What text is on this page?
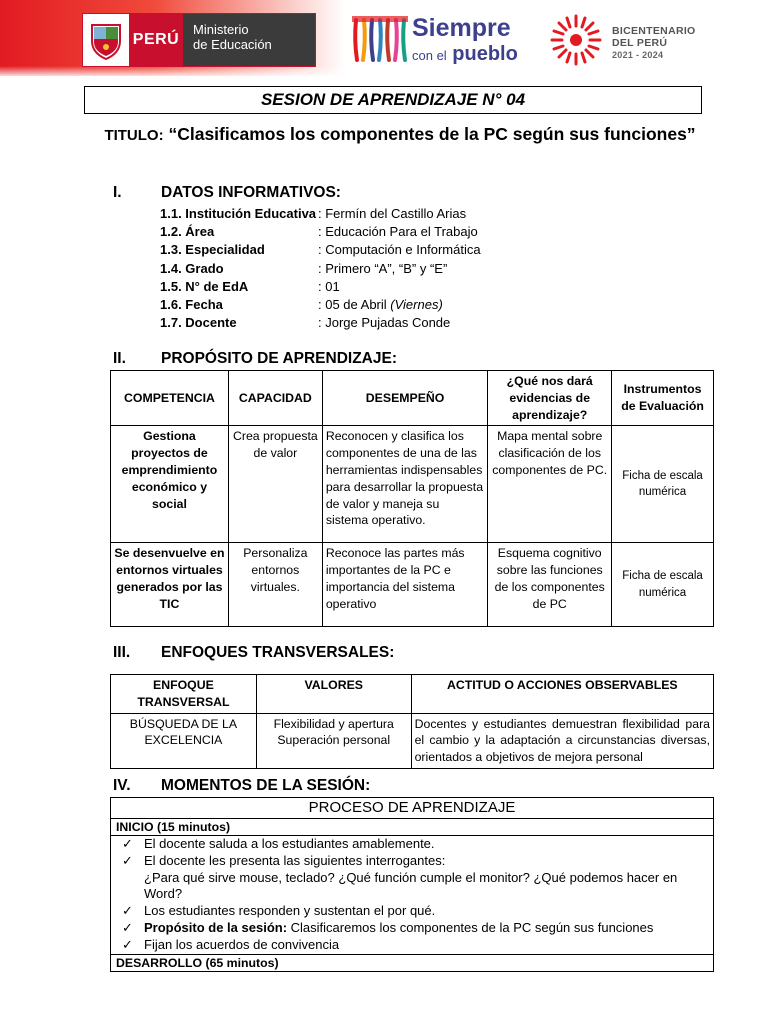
PERÚ
Ministerio
de Educación
Siempre
con el pueblo
BICENTENARIO
DEL PERÚ
2021 - 2024
SESION DE APRENDIZAJE N° 04
TITULO: “Clasificamos los componentes de la PC según sus funciones”
I.	DATOS INFORMATIVOS:
1.1. Institución Educativa : Fermín del Castillo Arias
1.2. Área	: Educación Para el Trabajo
1.3. Especialidad	: Computación e Informática
1.4. Grado	: Primero “A”, “B” y “E”
1.5. N° de EdA	: 01
1.6. Fecha	: 05 de Abril (Viernes)
1.7. Docente	: Jorge Pujadas Conde
II. PROPÓSITO DE APRENDIZAJE:
COMPETENCIA	CAPACIDAD	DESEMPEÑO	¿Qué nos dará evidencias de aprendizaje?	Instrumentos de Evaluación
Gestiona proyectos de emprendimiento económico y social	Crea propuesta de valor	Reconocen y clasifica los componentes de una de las herramientas indispensables para desarrollar la propuesta de valor y maneja su sistema operativo.	Mapa mental sobre clasificación de los componentes de PC.	Ficha de escala numérica
Se desenvuelve en entornos virtuales generados por las TIC	Personaliza entornos virtuales.	Reconoce las partes más importantes de la PC e importancia del sistema operativo	Esquema cognitivo sobre las funciones de los componentes de PC	Ficha de escala numérica
III. ENFOQUES TRANSVERSALES:
ENFOQUE TRANSVERSAL	VALORES	ACTITUD O ACCIONES OBSERVABLES
BÚSQUEDA DE LA EXCELENCIA	Flexibilidad y apertura Superación personal	Docentes y estudiantes demuestran flexibilidad para el cambio y la adaptación a circunstancias diversas, orientados a objetivos de mejora personal
IV. MOMENTOS DE LA SESIÓN:
PROCESO DE APRENDIZAJE
INICIO (15 minutos)

✓ El docente saluda a los estudiantes amablemente.
✓ El docente les presenta las siguientes interrogantes:
¿Para qué sirve mouse, teclado? ¿Qué función cumple el monitor? ¿Qué podemos hacer en Word?
✓ Los estudiantes responden y sustentan el por qué.
✓ Propósito de la sesión: Clasificaremos los componentes de la PC según sus funciones
✓ Fijan los acuerdos de convivencia

DESARROLLO (65 minutos)
